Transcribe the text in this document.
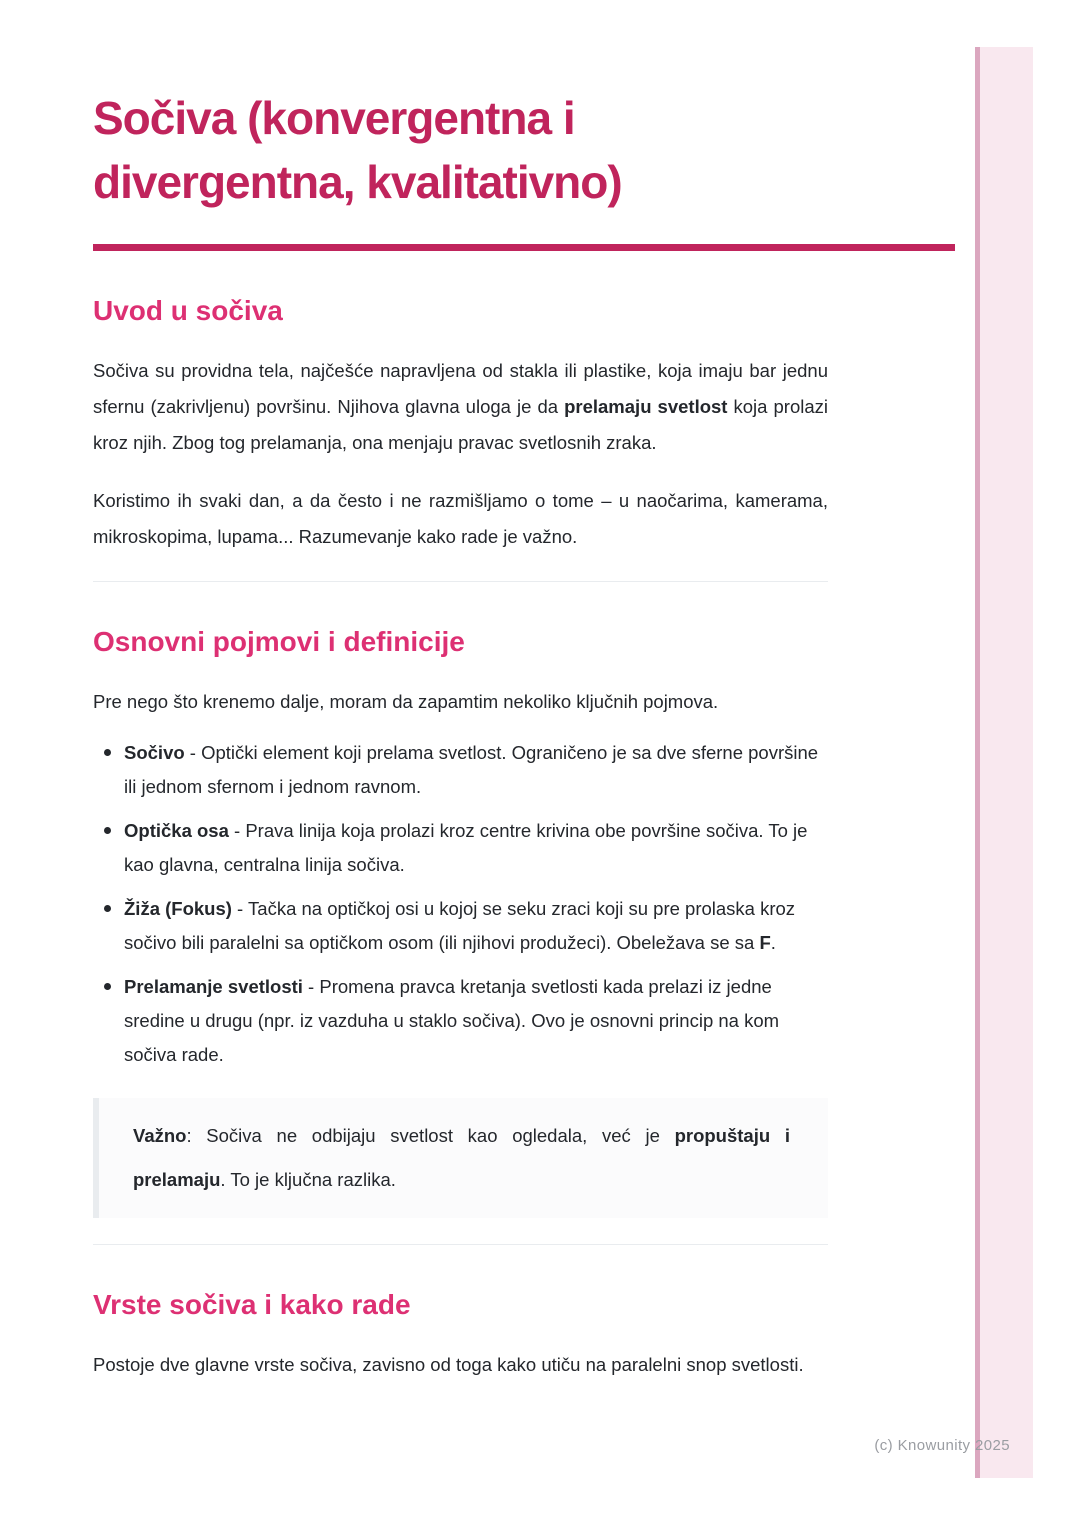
Sočiva (konvergentna i divergentna, kvalitativno)
Uvod u sočiva

Sočiva su providna tela, najčešće napravljena od stakla ili plastike, koja imaju bar jednu sfernu (zakrivljenu) površinu. Njihova glavna uloga je da prelamaju svetlost koja prolazi kroz njih. Zbog tog prelamanja, ona menjaju pravac svetlosnih zraka.

Koristimo ih svaki dan, a da često i ne razmišljamo o tome – u naočarima, kamerama, mikroskopima, lupama... Razumevanje kako rade je važno.

Osnovni pojmovi i definicije

Pre nego što krenemo dalje, moram da zapamtim nekoliko ključnih pojmova.

Sočivo - Optički element koji prelama svetlost. Ograničeno je sa dve sferne površine ili jednom sfernom i jednom ravnom.
Optička osa - Prava linija koja prolazi kroz centre krivina obe površine sočiva. To je kao glavna, centralna linija sočiva.
Žiža (Fokus) - Tačka na optičkoj osi u kojoj se seku zraci koji su pre prolaska kroz sočivo bili paralelni sa optičkom osom (ili njihovi produžeci). Obeležava se sa F.
Prelamanje svetlosti - Promena pravca kretanja svetlosti kada prelazi iz jedne sredine u drugu (npr. iz vazduha u staklo sočiva). Ovo je osnovni princip na kom sočiva rade.

Važno: Sočiva ne odbijaju svetlost kao ogledala, već je propuštaju i prelamaju. To je ključna razlika.

Vrste sočiva i kako rade

Postoje dve glavne vrste sočiva, zavisno od toga kako utiču na paralelni snop svetlosti.

(c) Knowunity 2025
